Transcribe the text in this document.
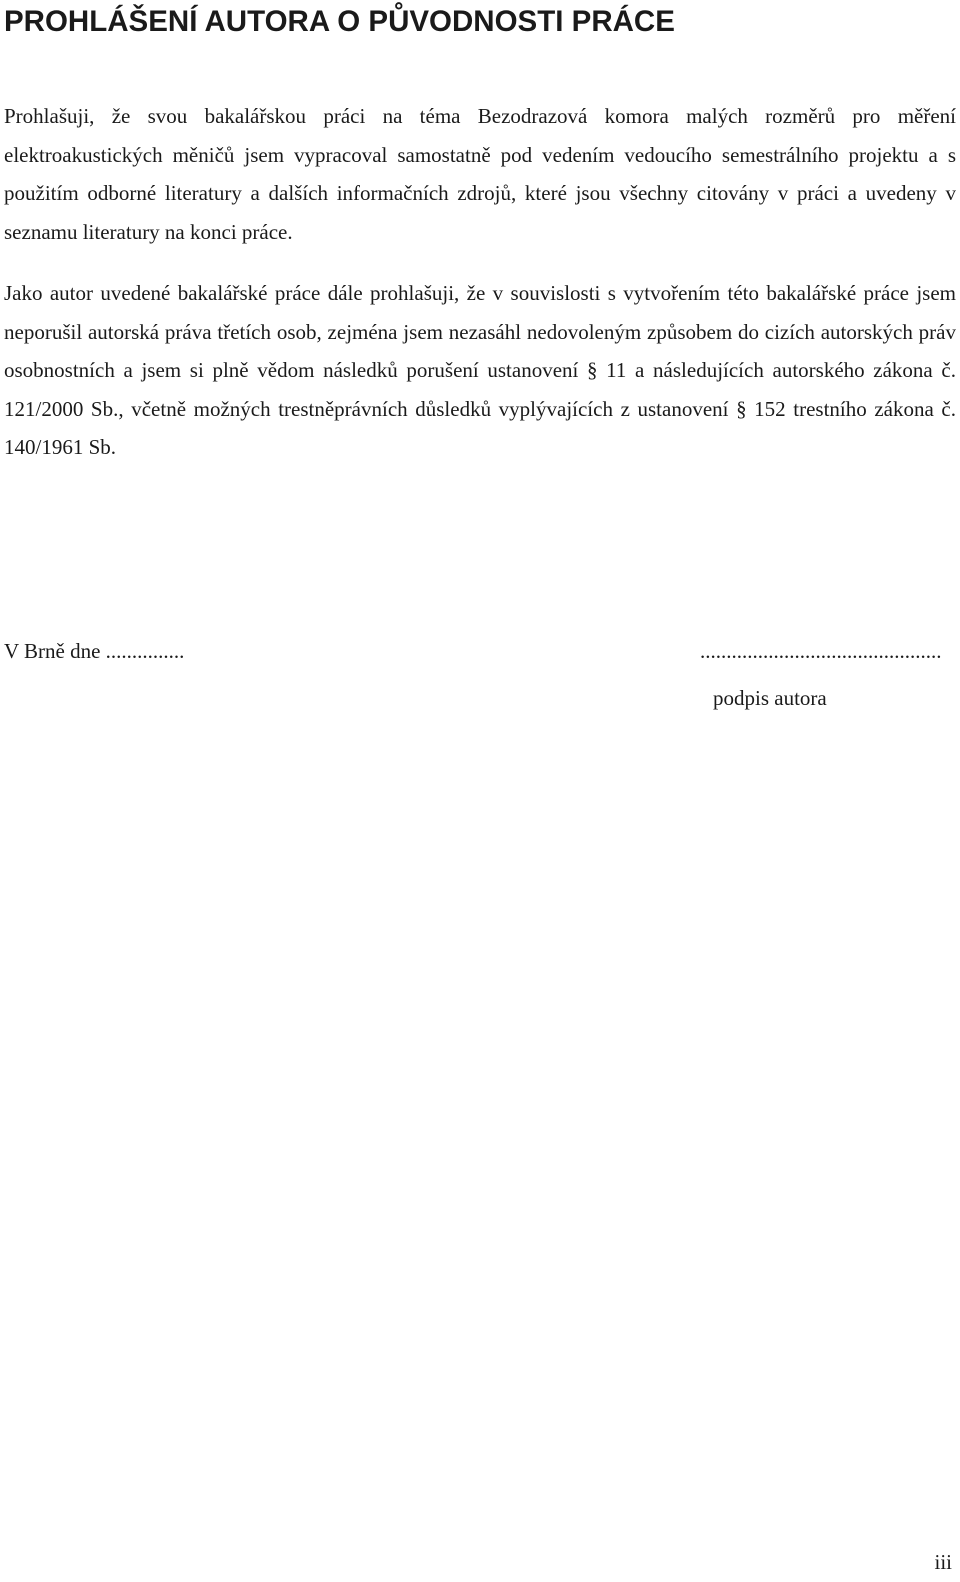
PROHLÁŠENÍ AUTORA O PŮVODNOSTI PRÁCE

Prohlašuji, že svou bakalářskou práci na téma Bezodrazová komora malých rozměrů pro měření elektroakustických měničů jsem vypracoval samostatně pod vedením vedoucího semestrálního projektu a s použitím odborné literatury a dalších informačních zdrojů, které jsou všechny citovány v práci a uvedeny v seznamu literatury na konci práce.

Jako autor uvedené bakalářské práce dále prohlašuji, že v souvislosti s vytvořením této bakalářské práce jsem neporušil autorská práva třetích osob, zejména jsem nezasáhl nedovoleným způsobem do cizích autorských práv osobnostních a jsem si plně vědom následků porušení ustanovení § 11 a následujících autorského zákona č. 121/2000 Sb., včetně možných trestněprávních důsledků vyplývajících z ustanovení § 152 trestního zákona č. 140/1961 Sb.

V Brně dne ...............	..............................................
podpis autora
iii
